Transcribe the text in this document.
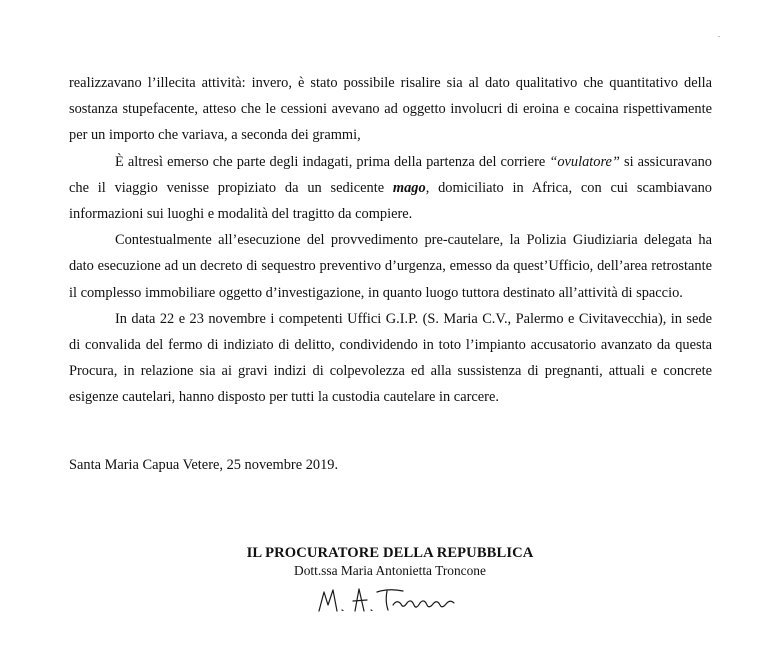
realizzavano l’illecita attività: invero, è stato possibile risalire sia al dato qualitativo che quantitativo della sostanza stupefacente, atteso che le cessioni avevano ad oggetto involucri di eroina e cocaina rispettivamente per un importo che variava, a seconda dei grammi,

È altresì emerso che parte degli indagati, prima della partenza del corriere “ovulatore” si assicuravano che il viaggio venisse propiziato da un sedicente mago, domiciliato in Africa, con cui scambiavano informazioni sui luoghi e modalità del tragitto da compiere.

Contestualmente all’esecuzione del provvedimento pre-cautelare, la Polizia Giudiziaria delegata ha dato esecuzione ad un decreto di sequestro preventivo d’urgenza, emesso da quest’Ufficio, dell’area retrostante il complesso immobiliare oggetto d’investigazione, in quanto luogo tuttora destinato all’attività di spaccio.

In data 22 e 23 novembre i competenti Uffici G.I.P. (S. Maria C.V., Palermo e Civitavecchia), in sede di convalida del fermo di indiziato di delitto, condividendo in toto l’impianto accusatorio avanzato da questa Procura, in relazione sia ai gravi indizi di colpevolezza ed alla sussistenza di pregnanti, attuali e concrete esigenze cautelari, hanno disposto per tutti la custodia cautelare in carcere.

Santa Maria Capua Vetere, 25 novembre 2019.
IL PROCURATORE DELLA REPUBBLICA
Dott.ssa Maria Antonietta Troncone
